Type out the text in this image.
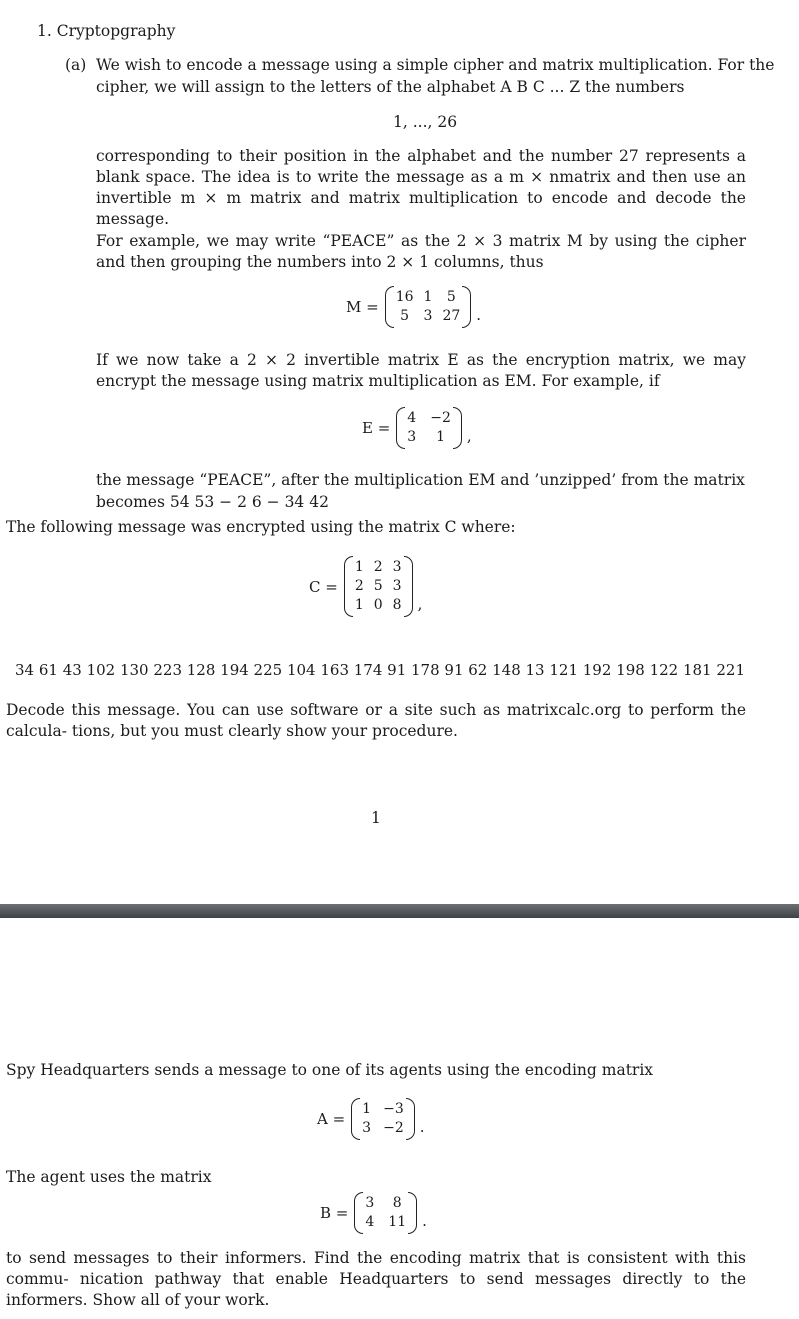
1. Cryptopgraphy
(a) We wish to encode a message using a simple cipher and matrix multiplication. For the
cipher, we will assign to the letters of the alphabet A B C ... Z the numbers
1, ..., 26
corresponding to their position in the alphabet and the number 27 represents a blank space. The idea is to write the message as a m × nmatrix and then use an invertible m × m matrix and matrix multiplication to encode and decode the message.
For example, we may write “PEACE” as the 2 × 3 matrix M by using the cipher and then grouping the numbers into 2 × 1 columns, thus
M =
16 1	5
5	3 27 .
If we now take a 2 × 2 invertible matrix E as the encryption matrix, we may encrypt the message using matrix multiplication as EM. For example, if
E =
4 −2
3	1	,
the message “PEACE”, after the multiplication EM and ’unzipped’ from the matrix
becomes 54 53 − 2 6 − 34 42
The following message was encrypted using the matrix C where:
C =
1 2 3
2 5 3
1 0 8 ,
34 61 43 102 130 223 128 194 225 104 163 174 91 178 91 62 148 13 121 192 198 122 181 221
Decode this message. You can use software or a site such as matrixcalc.org to perform the calcula- tions, but you must clearly show your procedure.
1
Spy Headquarters sends a message to one of its agents using the encoding matrix
A =
1 −3
3 −2 .
The agent uses the matrix
B =
3	8
4 11 .
to send messages to their informers. Find the encoding matrix that is consistent with this commu- nication pathway that enable Headquarters to send messages directly to the informers. Show all of your work.
